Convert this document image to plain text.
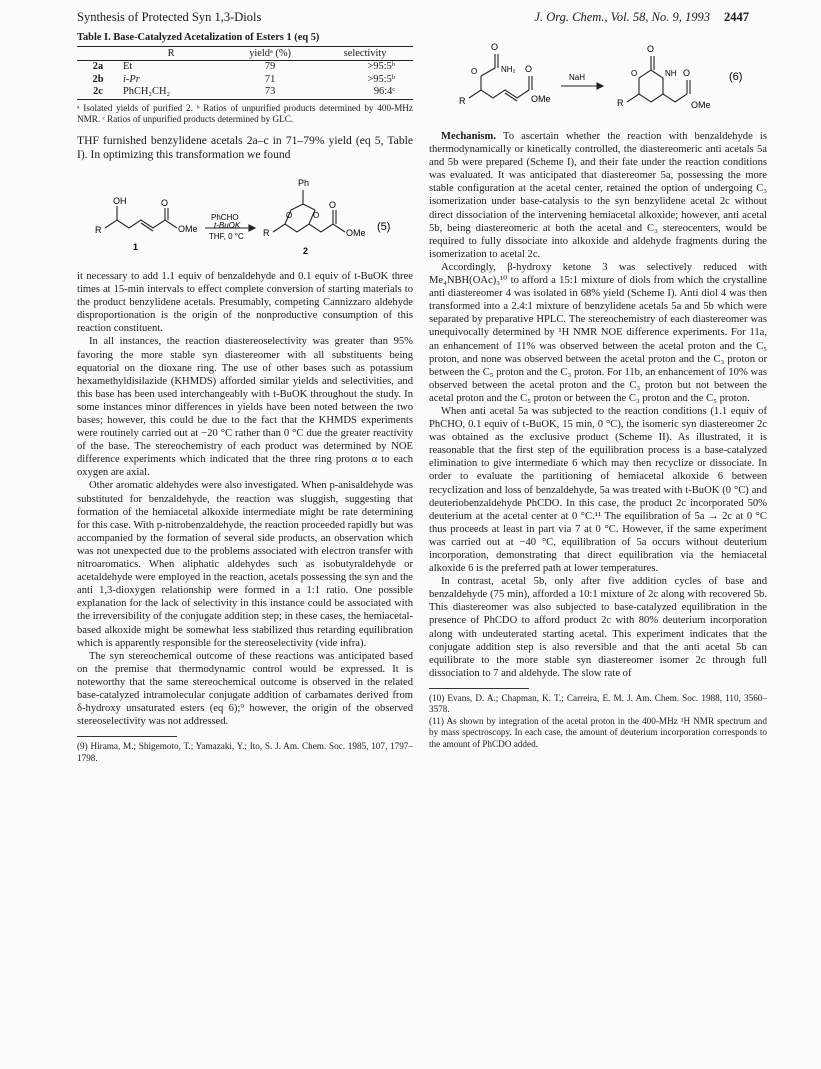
Synthesis of Protected Syn 1,3-Diols	J. Org. Chem., Vol. 58, No. 9, 1993 2447
Table I. Base-Catalyzed Acetalization of Esters 1 (eq 5)
	R	yieldᵃ (%)	selectivity
2a	Et	79	>95:5ᵇ
2b	i-Pr	71	>95:5ᵇ
2c	PhCH₂CH₂	73	96:4ᶜ
ᵃ Isolated yields of purified 2. ᵇ Ratios of unpurified products determined by 400-MHz NMR. ᶜ Ratios of unpurified products determined by GLC.

THF furnished benzylidene acetals 2a–c in 71–79% yield (eq 5, Table I). In optimizing this transformation we found

OH
R
O
OMe
1
PhCHO
t-BuOK
THF, 0 °C
Ph
O	O
R
O
OMe
2
(5)

it necessary to add 1.1 equiv of benzaldehyde and 0.1 equiv of t-BuOK three times at 15-min intervals to effect complete conversion of starting materials to the product benzylidene acetals. Presumably, competing Cannizzaro aldehyde disproportionation is the origin of the nonproductive consumption of this reaction constituent.

In all instances, the reaction diastereoselectivity was greater than 95% favoring the more stable syn diastereomer with all substituents being equatorial on the dioxane ring. The use of other bases such as potassium hexamethyldisilazide (KHMDS) afforded similar yields and selectivities, and this base has been used interchangeably with t-BuOK throughout the study. In some instances minor differences in yields have been noted between the two bases; however, this could be due to the fact that the KHMDS experiments were routinely carried out at −20 °C rather than 0 °C due the greater reactivity of the base. The stereochemistry of each product was determined by NOE difference experiments which indicated that the three ring protons α to each oxygen are axial.

Other aromatic aldehydes were also investigated. When p-anisaldehyde was substituted for benzaldehyde, the reaction was sluggish, suggesting that formation of the hemiacetal alkoxide intermediate might be rate determining for this case. With p-nitrobenzaldehyde, the reaction proceeded rapidly but was accompanied by the formation of several side products, an observation which was not unexpected due to the problems associated with electron transfer with nitroaromatics. When aliphatic aldehydes such as isobutyraldehyde or acetaldehyde were employed in the reaction, acetals possessing the syn and the anti 1,3-dioxygen relationship were formed in a 1:1 ratio. One possible explanation for the lack of selectivity in this instance could be associated with the irreversibility of the conjugate addition step; in these cases, the hemiacetal-based alkoxide might be somewhat less stabilized thus retarding equilibration which is apparently responsible for the stereoselectivity (vide infra).

The syn stereochemical outcome of these reactions was anticipated based on the premise that thermodynamic control would be expressed. It is noteworthy that the same stereochemical outcome is observed in the related base-catalyzed intramolecular conjugate addition of carbamates derived from δ-hydroxy unsaturated esters (eq 6);⁹ however, the origin of the observed stereoselectivity was not addressed.

(9) Hirama, M.; Shigemoto, T.; Yamazaki, Y.; Ito, S. J. Am. Chem. Soc. 1985, 107, 1797–1798.

O
O	NH₂ O
R	OMe
NaH
O
O	NH O
R	OMe
(6)

Mechanism. To ascertain whether the reaction with benzaldehyde is thermodynamically or kinetically controlled, the diastereomeric anti acetals 5a and 5b were prepared (Scheme I), and their fate under the reaction conditions was evaluated. It was anticipated that diastereomer 5a, possessing the more stable configuration at the acetal center, retained the option of undergoing C₃ isomerization under base-catalysis to the syn benzylidene acetal 2c without direct dissociation of the intervening hemiacetal alkoxide; however, anti acetal 5b, being diastereomeric at both the acetal and C₃ stereocenters, would be required to fully dissociate into alkoxide and aldehyde fragments during the isomerization to acetal 2c.

Accordingly, β-hydroxy ketone 3 was selectively reduced with Me₄NBH(OAc)₃¹⁰ to afford a 15:1 mixture of diols from which the crystalline anti diastereomer 4 was isolated in 68% yield (Scheme I). Anti diol 4 was then transformed into a 2.4:1 mixture of benzylidene acetals 5a and 5b which were separated by preparative HPLC. The stereochemistry of each diastereomer was unequivocally determined by ¹H NMR NOE difference experiments. For 11a, an enhancement of 11% was observed between the acetal proton and the C₅ proton, and none was observed between the acetal proton and the C₃ proton or between the C₅ proton and the C₃ proton. For 11b, an enhancement of 10% was observed between the acetal proton and the C₃ proton but not between the acetal proton and the C₅ proton or between the C₃ proton and the C₅ proton.

When anti acetal 5a was subjected to the reaction conditions (1.1 equiv of PhCHO, 0.1 equiv of t-BuOK, 15 min, 0 °C), the isomeric syn diastereomer 2c was obtained as the exclusive product (Scheme II). As illustrated, it is reasonable that the first step of the equilibration process is a base-catalyzed elimination to give intermediate 6 which may then recyclize or dissociate. In order to evaluate the partitioning of hemiacetal alkoxide 6 between recyclization and loss of benzaldehyde, 5a was treated with t-BuOK (0 °C) and deuteriobenzaldehyde PhCDO. In this case, the product 2c incorporated 50% deuterium at the acetal center at 0 °C.¹¹ The equilibration of 5a → 2c at 0 °C thus proceeds at least in part via 7 at 0 °C. However, if the same experiment was carried out at −40 °C, equilibration of 5a occurs without deuterium incorporation, demonstrating that direct equilibration via the hemiacetal alkoxide 6 is the preferred path at lower temperatures.

In contrast, acetal 5b, only after five addition cycles of base and benzaldehyde (75 min), afforded a 10:1 mixture of 2c along with recovered 5b. This diastereomer was also subjected to base-catalyzed equilibration in the presence of PhCDO to afford product 2c with 80% deuterium incorporation along with undeuterated starting acetal. This experiment indicates that the conjugate addition step is also reversible and that the anti acetal 5b can equilibrate to the more stable syn diastereomer isomer 2c through full dissociation to 7 and aldehyde. The slow rate of

(10) Evans, D. A.; Chapman, K. T.; Carreira, E. M. J. Am. Chem. Soc. 1988, 110, 3560–3578.

(11) As shown by integration of the acetal proton in the 400-MHz ¹H NMR spectrum and by mass spectroscopy. In each case, the amount of deuterium incorporation corresponds to the amount of PhCDO added.
